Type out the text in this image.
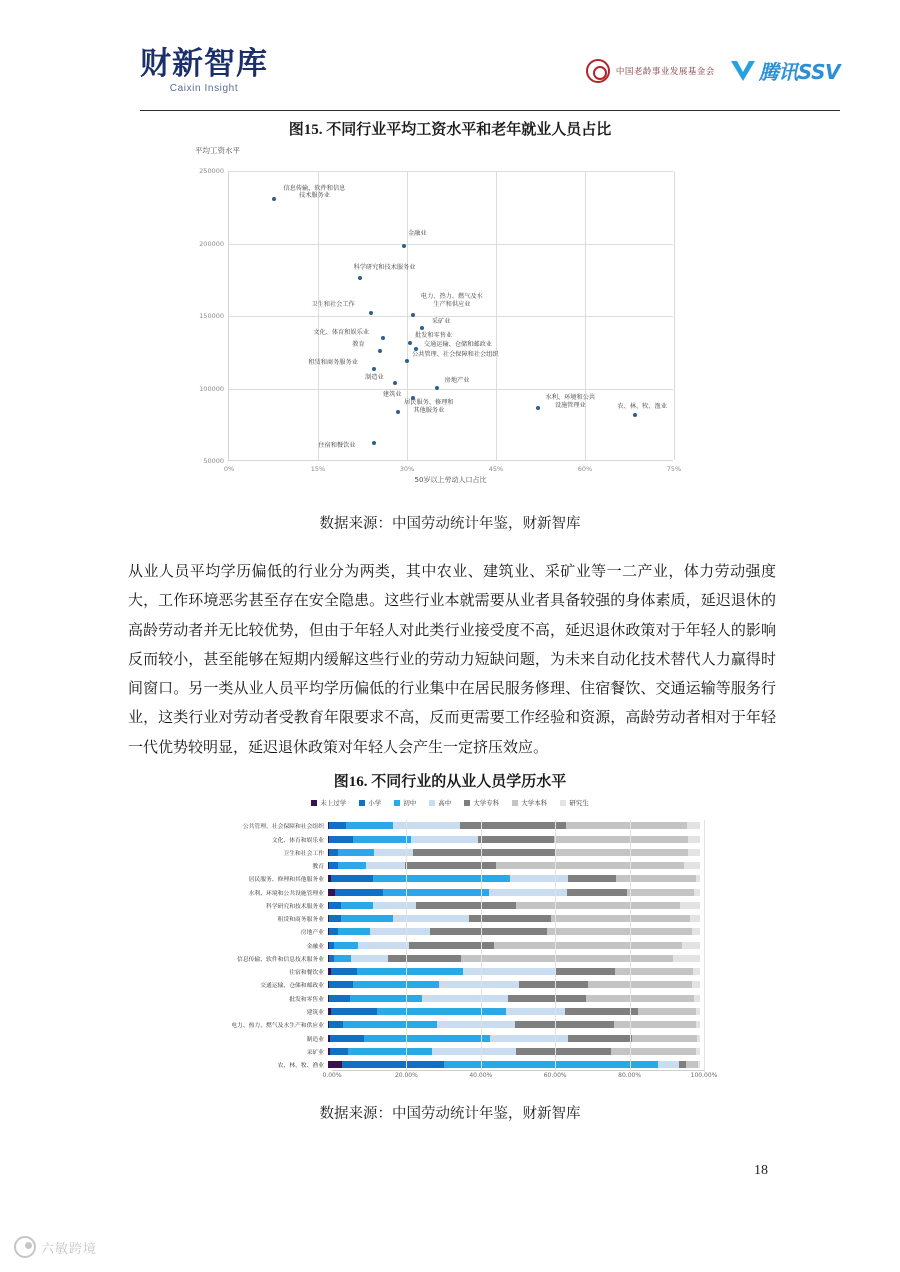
财新智库
Caixin Insight
中国老龄事业发展基金会 腾讯SSV
图15. 不同行业平均工资水平和老年就业人员占比
平均工资水平
50000
100000
150000
200000
250000
0%	15%	30%	45%	60%	75%
信息传输、软件和信息
技术服务业
金融业
科学研究和技术服务业
卫生和社会工作
电力、热力、燃气及水
生产和供应业
采矿业
文化、体育和娱乐业	批发和零售业
交通运输、仓储和邮政业
教育
公共管理、社会保障和社会组织
租赁和商务服务业
制造业	房地产业
建筑业
居民服务、修理和
其他服务业
水利、环境和公共
设施管理业	农、林、牧、渔业
住宿和餐饮业
50岁以上劳动人口占比
数据来源：中国劳动统计年鉴，财新智库
从业人员平均学历偏低的行业分为两类，其中农业、建筑业、采矿业等一二产业，体力劳动强度大，工作环境恶劣甚至存在安全隐患。这些行业本就需要从业者具备较强的身体素质，延迟退休的高龄劳动者并无比较优势，但由于年轻人对此类行业接受度不高，延迟退休政策对于年轻人的影响反而较小，甚至能够在短期内缓解这些行业的劳动力短缺问题，为未来自动化技术替代人力赢得时间窗口。另一类从业人员平均学历偏低的行业集中在居民服务修理、住宿餐饮、交通运输等服务行业，这类行业对劳动者受教育年限要求不高，反而更需要工作经验和资源，高龄劳动者相对于年轻一代优势较明显，延迟退休政策对年轻人会产生一定挤压效应。
图16. 不同行业的从业人员学历水平
未上过学	小学	初中	高中	大学专科	大学本科	研究生
公共管理、社会保障和社会组织
文化、体育和娱乐业
卫生和社会工作
教育
居民服务、修理和其他服务业
水利、环境和公共设施管理业
科学研究和技术服务业
租赁和商务服务业
房地产业
金融业
信息传输、软件和信息技术服务业
住宿和餐饮业
交通运输、仓储和邮政业
批发和零售业
建筑业
电力、热力、燃气及水生产和供应业
制造业
采矿业
农、林、牧、渔业
0.00%	20.00%	40.00%	60.00%	80.00%	100.00%
数据来源：中国劳动统计年鉴，财新智库
18
六敏跨境
